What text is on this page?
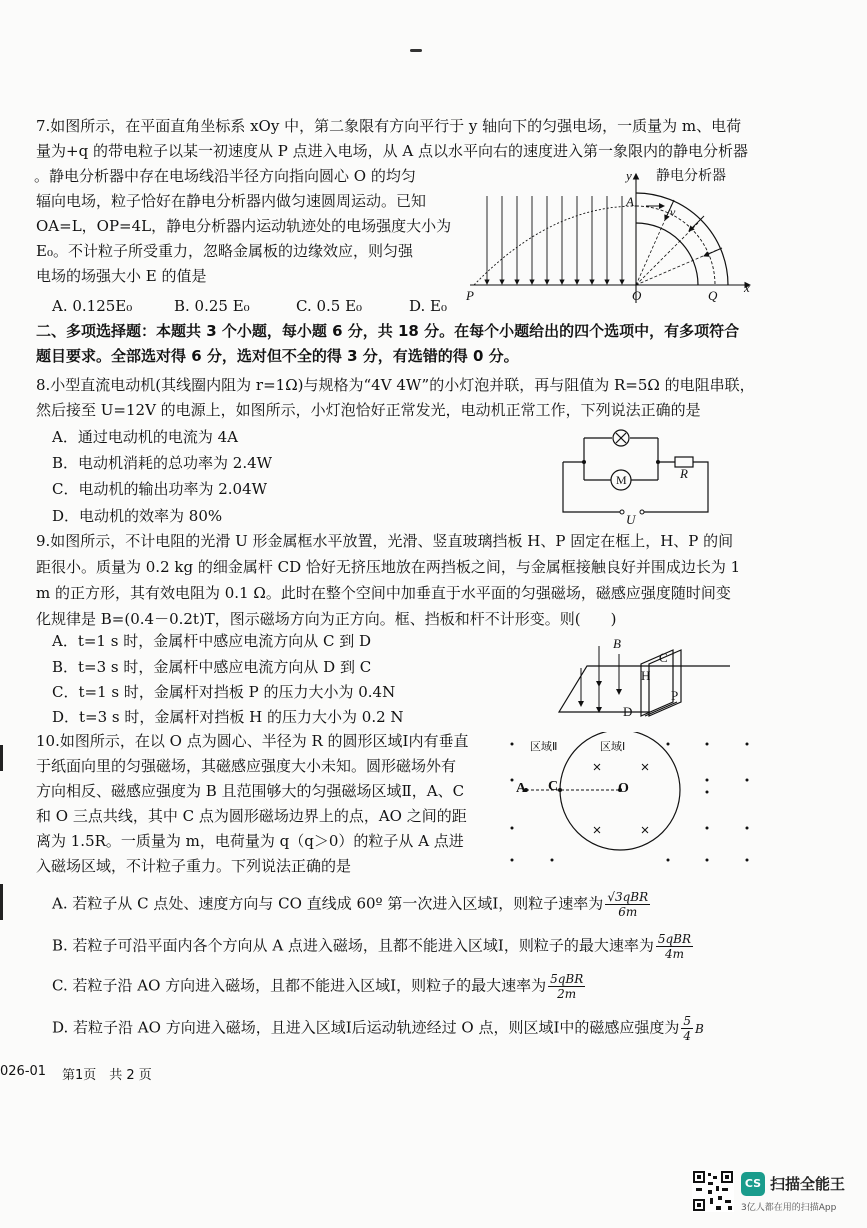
7.如图所示，在平面直角坐标系 xOy 中，第二象限有方向平行于 y 轴向下的匀强电场，一质量为 m、电荷
量为+q 的带电粒子以某一初速度从 P 点进入电场，从 A 点以水平向右的速度进入第一象限内的静电分析器
。静电分析器中存在电场线沿半径方向指向圆心 O 的均匀
辐向电场，粒子恰好在静电分析器内做匀速圆周运动。已知
OA=L，OP=4L，静电分析器内运动轨迹处的电场强度大小为
E₀。不计粒子所受重力，忽略金属板的边缘效应，则匀强
电场的场强大小 E 的值是
A. 0.125E₀	B. 0.25 E₀	C. 0.5 E₀	D. E₀
静电分析器
y
A
v
P	O	Q
x
二、多项选择题：本题共 3 个小题，每小题 6 分，共 18 分。在每个小题给出的四个选项中，有多项符合
题目要求。全部选对得 6 分，选对但不全的得 3 分，有选错的得 0 分。
8.小型直流电动机(其线圈内阻为 r=1Ω)与规格为“4V 4W”的小灯泡并联，再与阻值为 R=5Ω 的电阻串联，
然后接至 U=12V 的电源上，如图所示，小灯泡恰好正常发光，电动机正常工作，下列说法正确的是
A．通过电动机的电流为 4A
B．电动机消耗的总功率为 2.4W
C．电动机的输出功率为 2.04W
D．电动机的效率为 80%
M	R
U
9.如图所示，不计电阻的光滑 U 形金属框水平放置，光滑、竖直玻璃挡板 H、P 固定在框上，H、P 的间
距很小。质量为 0.2 kg 的细金属杆 CD 恰好无挤压地放在两挡板之间，与金属框接触良好并围成边长为 1
m 的正方形，其有效电阻为 0.1 Ω。此时在整个空间中加垂直于水平面的匀强磁场，磁感应强度随时间变
化规律是 B=(0.4－0.2t)T，图示磁场方向为正方向。框、挡板和杆不计形变。则(　　)
A．t=1 s 时，金属杆中感应电流方向从 C 到 D
B．t=3 s 时，金属杆中感应电流方向从 D 到 C
C．t=1 s 时，金属杆对挡板 P 的压力大小为 0.4N
D．t=3 s 时，金属杆对挡板 H 的压力大小为 0.2 N
B
C
H
P
D
10.如图所示，在以 O 点为圆心、半径为 R 的圆形区域Ⅰ内有垂直
于纸面向里的匀强磁场，其磁感应强度大小未知。圆形磁场外有
方向相反、磁感应强度为 B 且范围够大的匀强磁场区域Ⅱ，A、C
和 O 三点共线，其中 C 点为圆形磁场边界上的点，AO 之间的距
离为 1.5R。一质量为 m，电荷量为 q（q＞0）的粒子从 A 点进
入磁场区域，不计粒子重力。下列说法正确的是
区域Ⅱ	区域Ⅰ
A C	O
A. 若粒子从 C 点处、速度方向与 CO 直线成 60º 第一次进入区域Ⅰ，则粒子速率为 $\frac{\text{√3qBR}}{6m}$
B. 若粒子可沿平面内各个方向从 A 点进入磁场，且都不能进入区域Ⅰ，则粒子的最大速率为 $\frac{\text{5qBR}}{4m}$
C. 若粒子沿 AO 方向进入磁场，且都不能进入区域Ⅰ，则粒子的最大速率为 $\frac{\text{5qBR}}{2m}$
D. 若粒子沿 AO 方向进入磁场，且进入区域Ⅰ后运动轨迹经过 O 点，则区域Ⅰ中的磁感应强度为 $\frac{5}{4}$ B
026-01 第1页　共 2 页
CS 扫描全能王
3亿人都在用的扫描App
